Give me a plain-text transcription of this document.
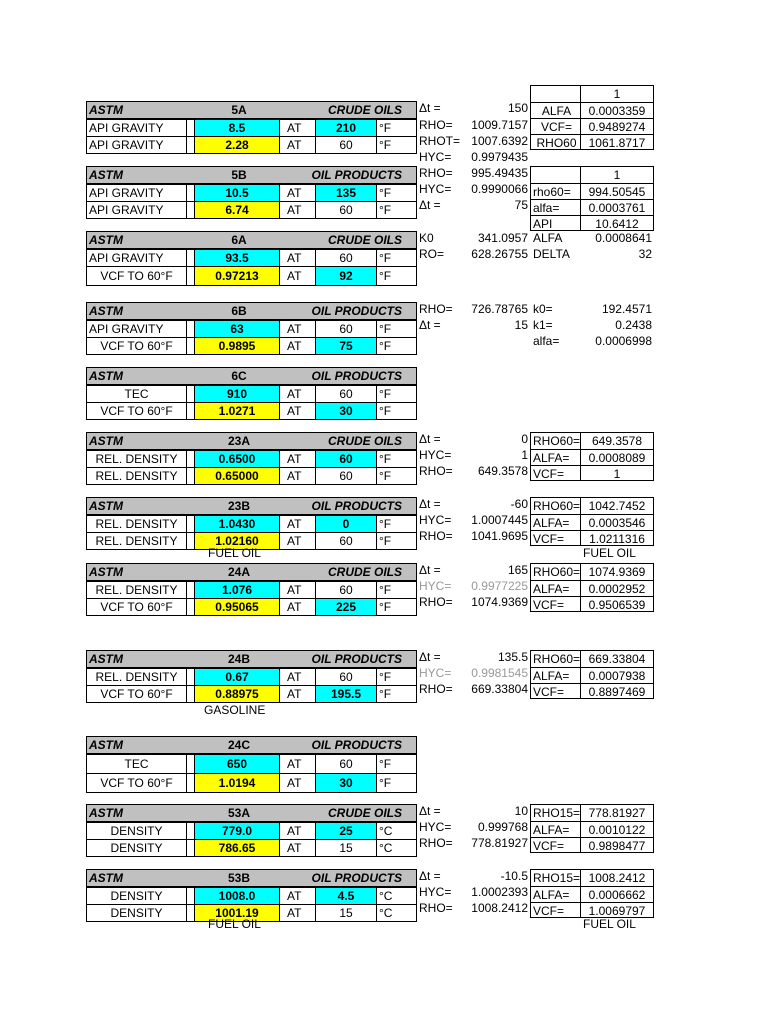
ASTM	5A	CRUDE OILS
API GRAVITY	8.5	AT	210	°F
API GRAVITY	2.28	AT	60	°F
ASTM	5B	OIL PRODUCTS
API GRAVITY	10.5	AT	135	°F
API GRAVITY	6.74	AT	60	°F
ASTM	6A	CRUDE OILS
API GRAVITY	93.5	AT	60	°F
VCF TO 60°F	0.97213	AT	92	°F
ASTM	6B	OIL PRODUCTS
API GRAVITY	63	AT	60	°F
VCF TO 60°F	0.9895	AT	75	°F
ASTM	6C	OIL PRODUCTS
TEC	910	AT	60	°F
VCF TO 60°F	1.0271	AT	30	°F
ASTM	23A	CRUDE OILS
REL. DENSITY	0.6500	AT	60	°F
REL. DENSITY	0.65000	AT	60	°F
ASTM	23B	OIL PRODUCTS
REL. DENSITY	1.0430	AT	0	°F
REL. DENSITY	1.02160	AT	60	°F
ASTM	24A	CRUDE OILS
REL. DENSITY	1.076	AT	60	°F
VCF TO 60°F	0.95065	AT	225	°F
ASTM	24B	OIL PRODUCTS
REL. DENSITY	0.67	AT	60	°F
VCF TO 60°F	0.88975	AT	195.5	°F
ASTM	24C	OIL PRODUCTS
TEC	650	AT	60	°F
VCF TO 60°F	1.0194	AT	30	°F
ASTM	53A	CRUDE OILS
DENSITY	779.0	AT	25	°C
DENSITY	786.65	AT	15	°C
ASTM	53B	OIL PRODUCTS
DENSITY	1008.0	AT	4.5	°C
DENSITY	1001.19	AT	15	°C
Δt =	150
RHO= 1009.7157
RHOT= 1007.6392
HYC= 0.9979435
RHO= 995.49435
HYC= 0.9990066
Δt =	75
K0	341.0957
RO= 628.26755
ALFA	0.0008641
DELTA	32
RHO= 726.78765
Δt =	15
k0=	192.4571
k1=	0.2438
alfa=	0.0006998
Δt =	0
HYC=	1
RHO= 649.3578
Δt =	-60
HYC= 1.0007445
RHO= 1041.9695
Δt =	165
HYC= 0.9977225
RHO= 1074.9369
Δt =	135.5
HYC= 0.9981545
RHO= 669.33804
Δt =	10
HYC= 0.999768
RHO= 778.81927
Δt =	-10.5
HYC= 1.0002393
RHO= 1008.2412
1
ALFA	0.0003359
VCF=	0.9489274
RHO60	1061.8717
1
rho60=	994.50545
alfa=	0.0003761
API	10.6412
RHO60= 649.3578
ALFA=	0.0008089
VCF=	1
RHO60= 1042.7452
ALFA=	0.0003546
VCF=	1.0211316
RHO60= 1074.9369
ALFA=	0.0002952
VCF=	0.9506539
RHO60= 669.33804
ALFA=	0.0007938
VCF=	0.8897469
RHO15= 778.81927
ALFA=	0.0010122
VCF=	0.9898477
RHO15= 1008.2412
ALFA=	0.0006662
VCF=	1.0069797
FUEL OIL	FUEL OIL
GASOLINE
FUEL OIL	FUEL OIL
